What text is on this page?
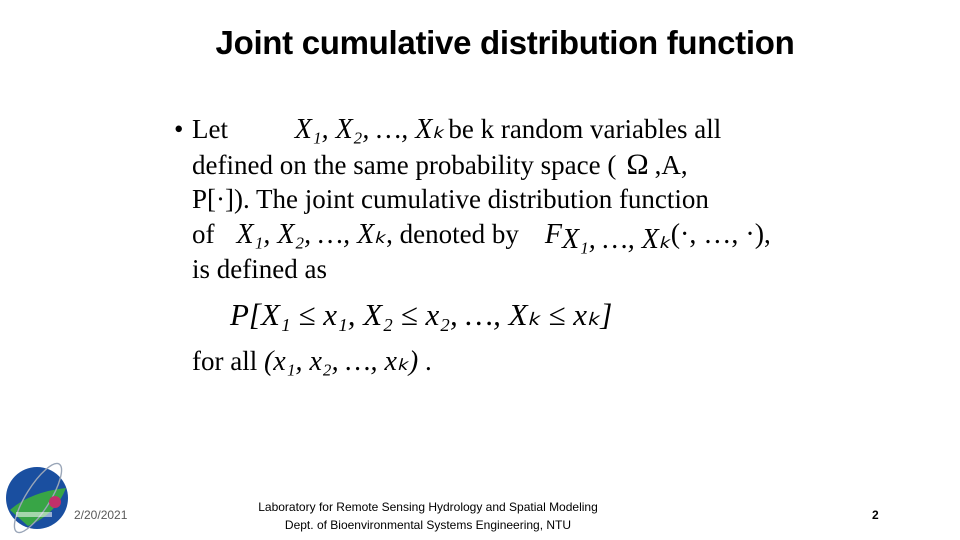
Joint cumulative distribution function
• Let X₁, X₂, …, Xₖ be k random variables all
defined on the same probability space ( Ω ,A,
P[·]). The joint cumulative distribution function
of X₁, X₂, …, Xₖ, denoted by $F_{X_1, \dots, X_k}(\cdot$, …, ·),
is defined as
P[X₁ ≤ x₁, X₂ ≤ x₂, …, Xₖ ≤ xₖ]
for all (x₁, x₂, …, xₖ) .
2/20/2021
Laboratory for Remote Sensing Hydrology and Spatial Modeling
Dept. of Bioenvironmental Systems Engineering, NTU
2
